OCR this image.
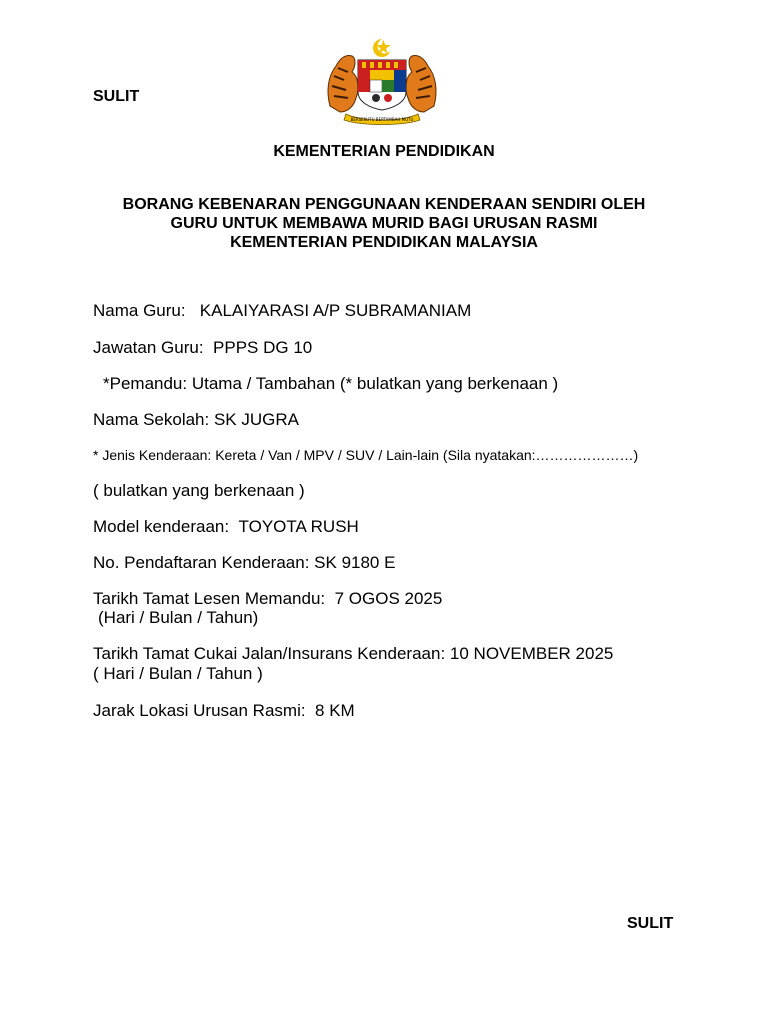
SULIT
BERSEKUTU BERTAMBAH MUTU
KEMENTERIAN PENDIDIKAN
BORANG KEBENARAN PENGGUNAAN KENDERAAN SENDIRI OLEH
GURU UNTUK MEMBAWA MURID BAGI URUSAN RASMI
KEMENTERIAN PENDIDIKAN MALAYSIA
Nama Guru: KALAIYARASI A/P SUBRAMANIAM
Jawatan Guru: PPPS DG 10
*Pemandu: Utama / Tambahan (* bulatkan yang berkenaan )
Nama Sekolah: SK JUGRA
* Jenis Kenderaan: Kereta / Van / MPV / SUV / Lain-lain (Sila nyatakan:…………………)
( bulatkan yang berkenaan )
Model kenderaan: TOYOTA RUSH
No. Pendaftaran Kenderaan: SK 9180 E
Tarikh Tamat Lesen Memandu: 7 OGOS 2025
(Hari / Bulan / Tahun)
Tarikh Tamat Cukai Jalan/Insurans Kenderaan: 10 NOVEMBER 2025
( Hari / Bulan / Tahun )
Jarak Lokasi Urusan Rasmi: 8 KM
SULIT
